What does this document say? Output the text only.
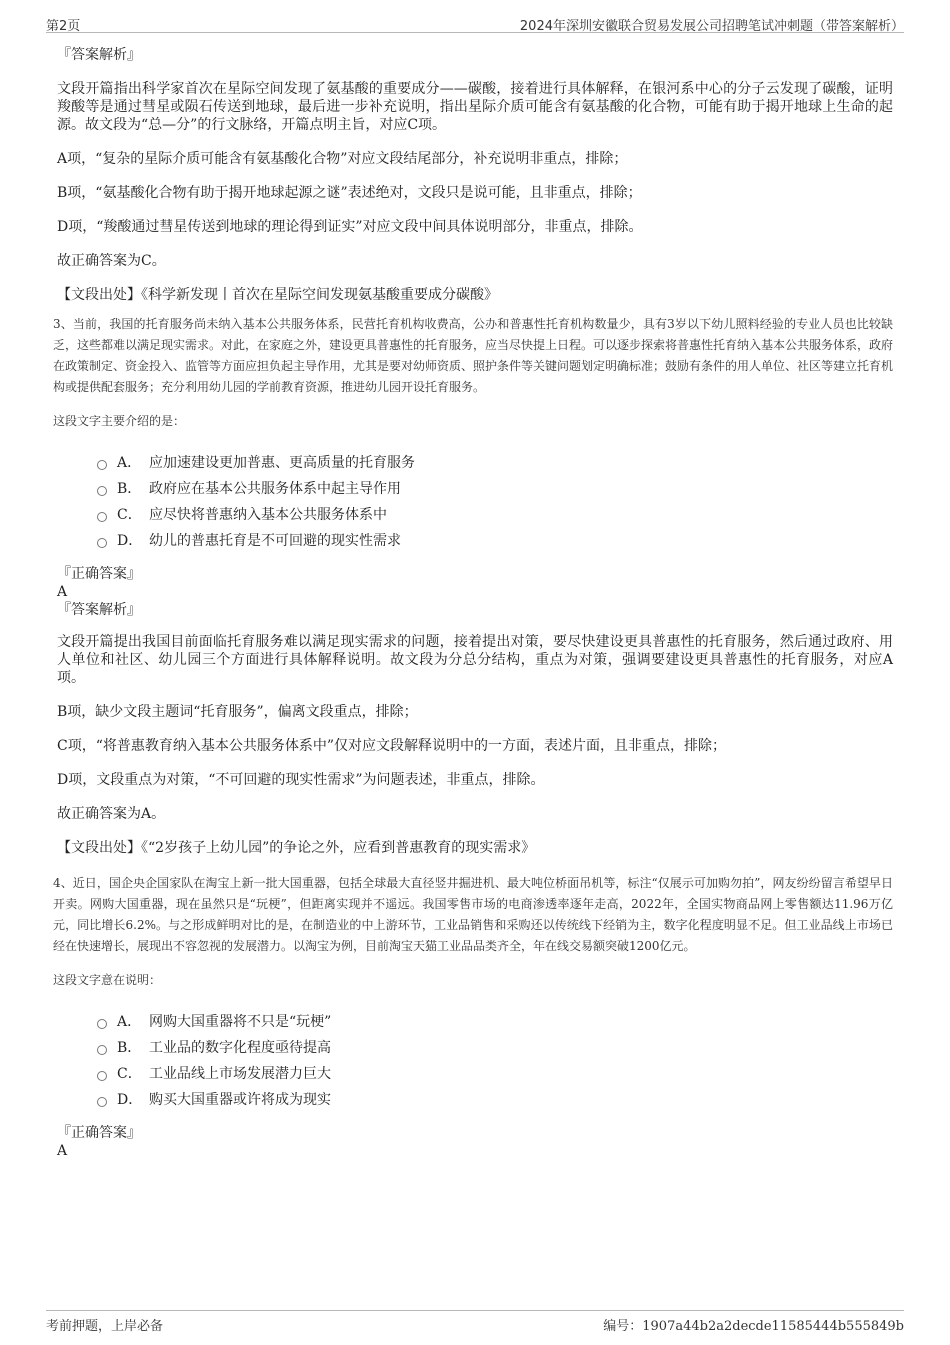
第2页	2024年深圳安徽联合贸易发展公司招聘笔试冲刺题（带答案解析）
『答案解析』
文段开篇指出科学家首次在星际空间发现了氨基酸的重要成分——碳酸，接着进行具体解释，在银河系中心的分子云发现了碳酸，证明羧酸等是通过彗星或陨石传送到地球，最后进一步补充说明，指出星际介质可能含有氨基酸的化合物，可能有助于揭开地球上生命的起源。故文段为“总—分”的行文脉络，开篇点明主旨，对应C项。
A项，“复杂的星际介质可能含有氨基酸化合物”对应文段结尾部分，补充说明非重点，排除；
B项，“氨基酸化合物有助于揭开地球起源之谜”表述绝对，文段只是说可能，且非重点，排除；
D项，“羧酸通过彗星传送到地球的理论得到证实”对应文段中间具体说明部分，非重点，排除。
故正确答案为C。
【文段出处】《科学新发现丨首次在星际空间发现氨基酸重要成分碳酸》
3、当前，我国的托育服务尚未纳入基本公共服务体系，民营托育机构收费高，公办和普惠性托育机构数量少，具有3岁以下幼儿照料经验的专业人员也比较缺乏，这些都难以满足现实需求。对此，在家庭之外，建设更具普惠性的托育服务，应当尽快提上日程。可以逐步探索将普惠性托育纳入基本公共服务体系，政府在政策制定、资金投入、监管等方面应担负起主导作用，尤其是要对幼师资质、照护条件等关键问题划定明确标准；鼓励有条件的用人单位、社区等建立托育机构或提供配套服务；充分利用幼儿园的学前教育资源，推进幼儿园开设托育服务。
这段文字主要介绍的是：
A． 应加速建设更加普惠、更高质量的托育服务
B． 政府应在基本公共服务体系中起主导作用
C． 应尽快将普惠纳入基本公共服务体系中
D． 幼儿的普惠托育是不可回避的现实性需求
『正确答案』
A
『答案解析』
文段开篇提出我国目前面临托育服务难以满足现实需求的问题，接着提出对策，要尽快建设更具普惠性的托育服务，然后通过政府、用人单位和社区、幼儿园三个方面进行具体解释说明。故文段为分总分结构，重点为对策，强调要建设更具普惠性的托育服务，对应A项。
B项，缺少文段主题词“托育服务”，偏离文段重点，排除；
C项，“将普惠教育纳入基本公共服务体系中”仅对应文段解释说明中的一方面，表述片面，且非重点，排除；
D项，文段重点为对策，“不可回避的现实性需求”为问题表述，非重点，排除。
故正确答案为A。
【文段出处】《“2岁孩子上幼儿园”的争论之外，应看到普惠教育的现实需求》
4、近日，国企央企国家队在淘宝上新一批大国重器，包括全球最大直径竖井掘进机、最大吨位桥面吊机等，标注“仅展示可加购勿拍”，网友纷纷留言希望早日开卖。网购大国重器，现在虽然只是“玩梗”，但距离实现并不遥远。我国零售市场的电商渗透率逐年走高，2022年，全国实物商品网上零售额达11.96万亿元，同比增长6.2%。与之形成鲜明对比的是，在制造业的中上游环节，工业品销售和采购还以传统线下经销为主，数字化程度明显不足。但工业品线上市场已经在快速增长，展现出不容忽视的发展潜力。以淘宝为例，目前淘宝天猫工业品品类齐全，年在线交易额突破1200亿元。
这段文字意在说明：
A． 网购大国重器将不只是“玩梗”
B． 工业品的数字化程度亟待提高
C． 工业品线上市场发展潜力巨大
D． 购买大国重器或许将成为现实
『正确答案』
A
考前押题，上岸必备	编号：1907a44b2a2decde11585444b555849b
